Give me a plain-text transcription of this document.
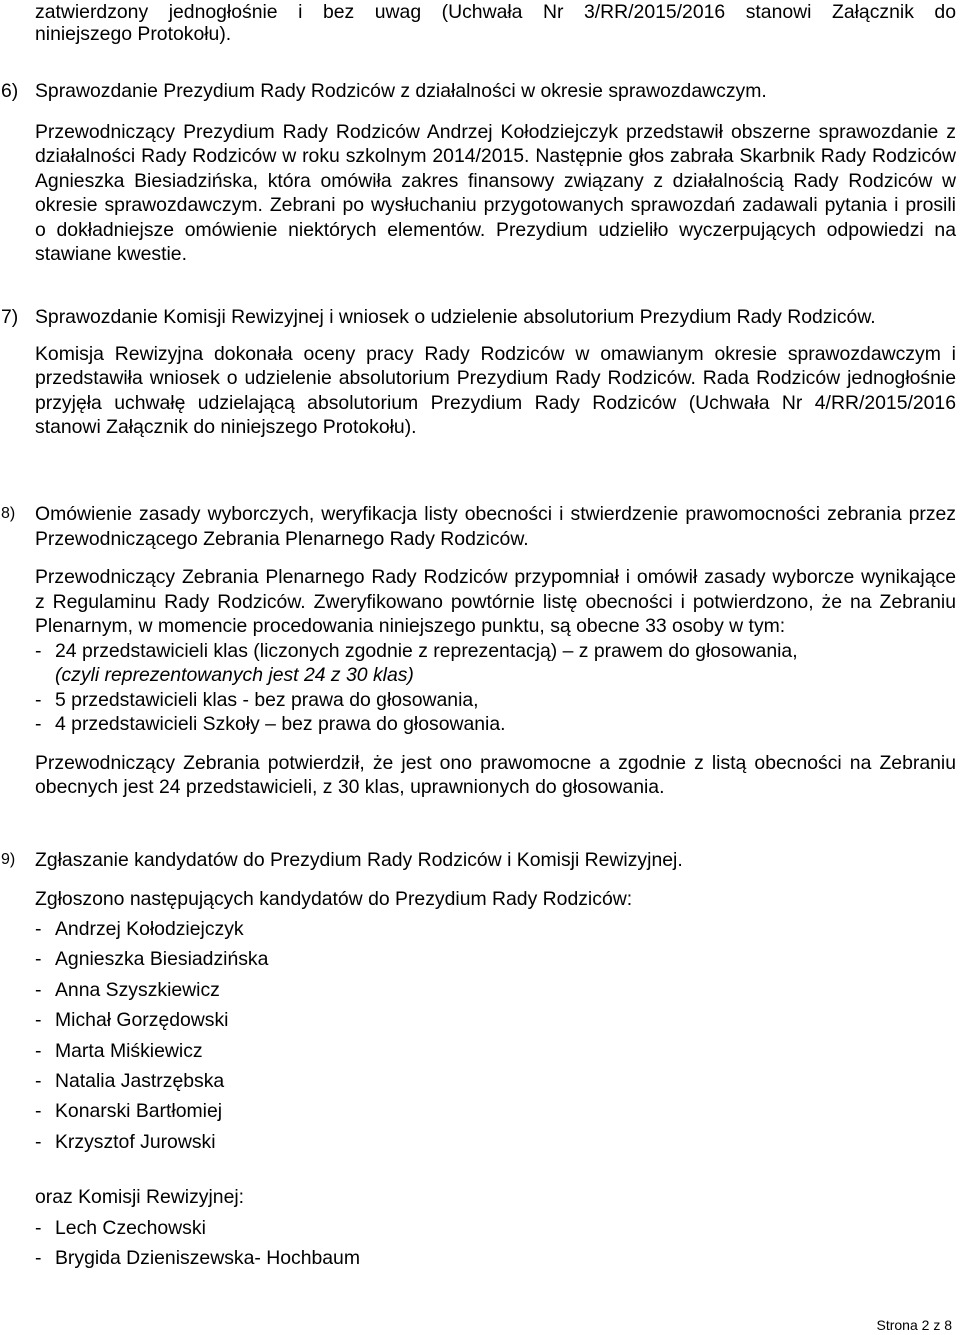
zatwierdzony jednogłośnie i bez uwag (Uchwała Nr 3/RR/2015/2016 stanowi Załącznik do

niniejszego Protokołu).

6) Sprawozdanie Prezydium Rady Rodziców z działalności w okresie sprawozdawczym.

Przewodniczący Prezydium Rady Rodziców Andrzej Kołodziejczyk przedstawił obszerne sprawozdanie z działalności Rady Rodziców w roku szkolnym 2014/2015. Następnie głos zabrała Skarbnik Rady Rodziców Agnieszka Biesiadzińska, która omówiła zakres finansowy związany z działalnością Rady Rodziców w okresie sprawozdawczym. Zebrani po wysłuchaniu przygotowanych sprawozdań zadawali pytania i prosili o dokładniejsze omówienie niektórych elementów. Prezydium udzieliło wyczerpujących odpowiedzi na stawiane kwestie.

7) Sprawozdanie Komisji Rewizyjnej i wniosek o udzielenie absolutorium Prezydium Rady Rodziców.

Komisja Rewizyjna dokonała oceny pracy Rady Rodziców w omawianym okresie sprawozdawczym i przedstawiła wniosek o udzielenie absolutorium Prezydium Rady Rodziców. Rada Rodziców jednogłośnie przyjęła uchwałę udzielającą absolutorium Prezydium Rady Rodziców (Uchwała Nr 4/RR/2015/2016 stanowi Załącznik do niniejszego Protokołu).

8) Omówienie zasady wyborczych, weryfikacja listy obecności i stwierdzenie prawomocności zebrania przez Przewodniczącego Zebrania Plenarnego Rady Rodziców.

Przewodniczący Zebrania Plenarnego Rady Rodziców przypomniał i omówił zasady wyborcze wynikające z Regulaminu Rady Rodziców. Zweryfikowano powtórnie listę obecności i potwierdzono, że na Zebraniu Plenarnym, w momencie procedowania niniejszego punktu, są obecne 33 osoby w tym:

- 24 przedstawicieli klas (liczonych zgodnie z reprezentacją) – z prawem do głosowania,
(czyli reprezentowanych jest 24 z 30 klas)
- 5 przedstawicieli klas - bez prawa do głosowania,
- 4 przedstawicieli Szkoły – bez prawa do głosowania.

Przewodniczący Zebrania potwierdził, że jest ono prawomocne a zgodnie z listą obecności na Zebraniu obecnych jest 24 przedstawicieli, z 30 klas, uprawnionych do głosowania.

9) Zgłaszanie kandydatów do Prezydium Rady Rodziców i Komisji Rewizyjnej.

Zgłoszono następujących kandydatów do Prezydium Rady Rodziców:

- Andrzej Kołodziejczyk
- Agnieszka Biesiadzińska
- Anna Szyszkiewicz
- Michał Gorzędowski
- Marta Miśkiewicz
- Natalia Jastrzębska
- Konarski Bartłomiej
- Krzysztof Jurowski

oraz Komisji Rewizyjnej:

- Lech Czechowski
- Brygida Dzieniszewska- Hochbaum
Strona 2 z 8
